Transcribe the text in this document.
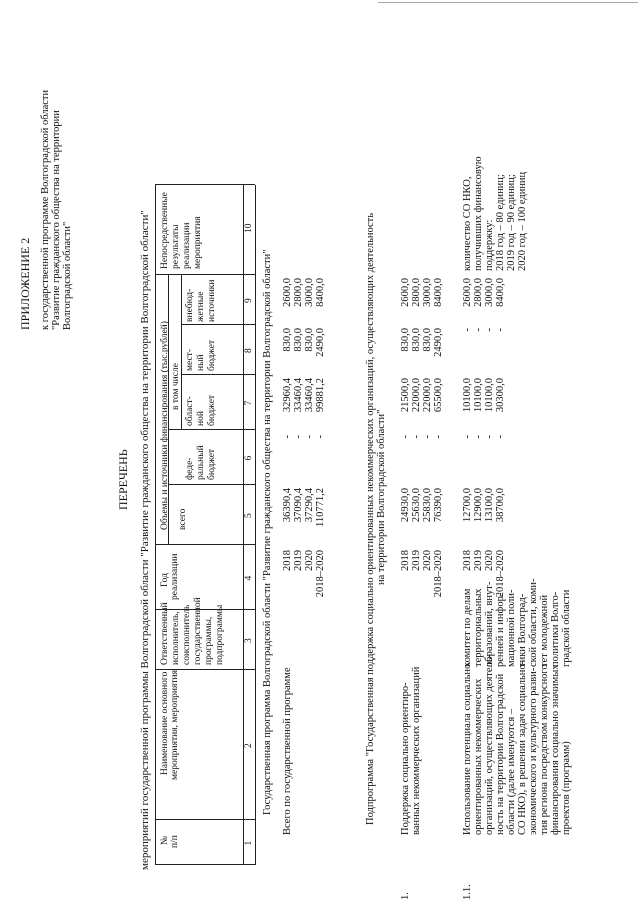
ПРИЛОЖЕНИЕ 2 к государственной программе Волгоградской области "Развитие гражданского общества на территории Волгоградской области"
ПЕРЕЧЕНЬ мероприятий государственной программы Волгоградской области "Развитие гражданского общества на территории Волгоградской области" № п/п
Наименование основного мероприятия, мероприятия
Ответственный исполнитель, соисполнитель государственной программы, подпрограммы
Год реализации
Объемы и источники финансирования (тыс.рублей) всего
в том числе
феде- ральный бюджет
област- ной бюджет
мест- ный бюджет
внебюд- жетные источники
Непосредственные результаты реализации мероприятия
1
2
3
4
5
6
7
8
9
10
Государственная программа Волгоградской области "Развитие гражданского общества на территории Волгоградской области" Всего по государственной программе
2018
36390,4
-
32960,4
830,0
2600,0
2019
37090,4
-
33460,4
830,0
2800,0
2020
37290,4
-
33460,4
830,0
3000,0
2018–2020
110771,2
-
99881,2
2490,0
8400,0	Подпрограмма "Государственная поддержка социально ориентированных некоммерческих организаций, осуществляющих деятельность на территории Волгоградской области"
1.
Поддержка социально ориентиро- ванных некоммерческих организаций
2018
24930,0
-
21500,0
830,0
2600,0
2019
25630,0
-
22000,0
830,0
2800,0
2020
25830,0
-
22000,0
830,0
3000,0
2018–2020
76390,0
-
65500,0
2490,0
8400,0
1.1.
Использование потенциала социально ориентированных некоммерческих организаций, осуществляющих деятель- ность на территории Волгоградской области (далее именуются – СО НКО), в решении задач социально- экономического и культурного разви- тия региона посредством конкурсного финансирования социально значимых проектов (программ)
комитет по делам территориальных образований, внут- ренней и инфор- мационной поли- тики Волгоград- ской области, коми- тет молодежной политики Волго- градской области
2018
12700,0
-
10100,0
-
2600,0
2019
12900,0
-
10100,0
-
2800,0
2020
13100,0
-
10100,0
-
3000,0
2018–2020
38700,0
-
30300,0
-
8400,0
количество СО НКО, получивших финансовую поддержку: 2018 год – 80 единиц; 2019 год – 90 единиц; 2020 год – 100 единиц
